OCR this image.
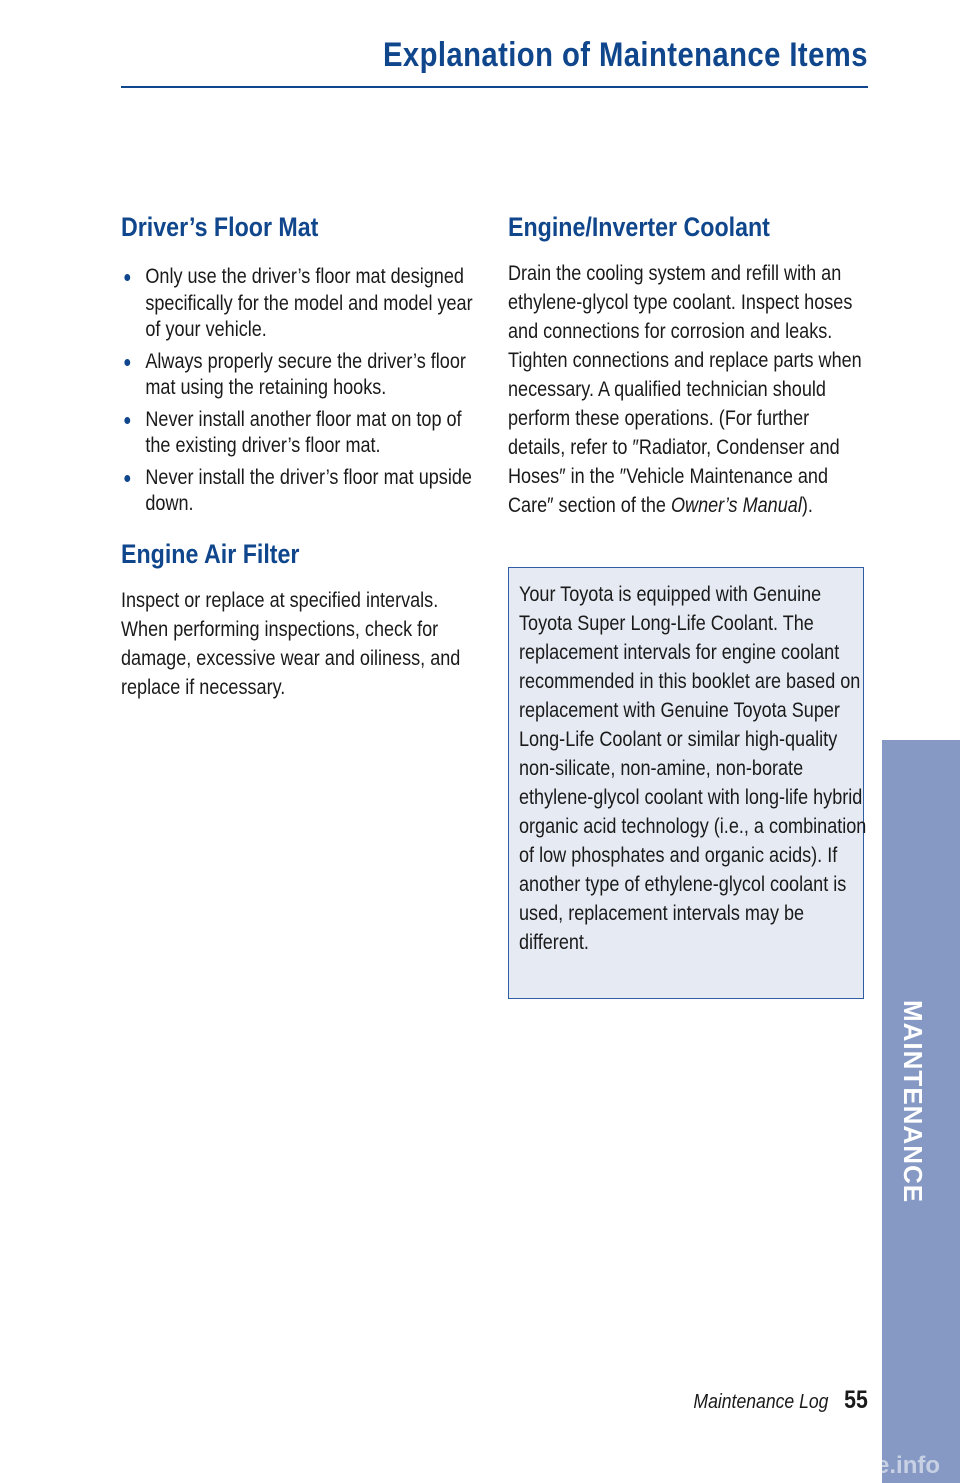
Explanation of Maintenance Items
Driver’s Floor Mat
Only use the driver’s floor mat designed specifically for the model and model year of your vehicle.
Always properly secure the driver’s floor mat using the retaining hooks.
Never install another floor mat on top of the existing driver’s floor mat.
Never install the driver’s floor mat upside down.
Engine Air Filter

Inspect or replace at specified intervals. When performing inspections, check for damage, excessive wear and oiliness, and replace if necessary.

Engine/Inverter Coolant

Drain the cooling system and refill with an ethylene-glycol type coolant. Inspect hoses and connections for corrosion and leaks. Tighten connections and replace parts when necessary. A qualified technician should perform these operations. (For further details, refer to ″Radiator, Condenser and Hoses″ in the ″Vehicle Maintenance and Care″ section of the Owner’s Manual).

Your Toyota is equipped with Genuine Toyota Super Long-Life Coolant. The replacement intervals for engine coolant recommended in this booklet are based on replacement with Genuine Toyota Super Long-Life Coolant or similar high-quality non-silicate, non-amine, non-borate ethylene-glycol coolant with long-life hybrid organic acid technology (i.e., a combination of low phosphates and organic acids). If another type of ethylene-glycol coolant is used, replacement intervals may be different.

MAINTENANCE
Maintenance Log 55
carmanualsonline.info
